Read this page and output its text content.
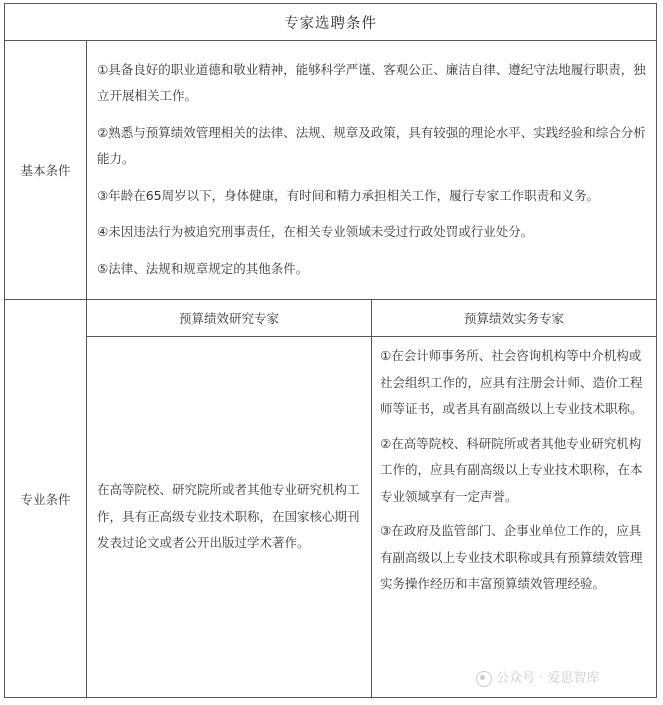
专家选聘条件		
基本条件	①具备良好的职业道德和敬业精神，能够科学严谨、客观公正、廉洁自律、遵纪守法地履行职责，独立开展相关工作。

②熟悉与预算绩效管理相关的法律、法规、规章及政策，具有较强的理论水平、实践经验和综合分析能力。

③年龄在65周岁以下，身体健康，有时间和精力承担相关工作，履行专家工作职责和义务。

④未因违法行为被追究刑事责任，在相关专业领域未受过行政处罚或行业处分。

⑤法律、法规和规章规定的其他条件。	

专业条件	预算绩效研究专家	预算绩效实务专家
	在高等院校、研究院所或者其他专业研究机构工作，具有正高级专业技术职称，在国家核心期刊发表过论文或者公开出版过学术著作。	①在会计师事务所、社会咨询机构等中介机构或社会组织工作的，应具有注册会计师、造价工程师等证书，或者具有副高级以上专业技术职称。

②在高等院校、科研院所或者其他专业研究机构工作的，应具有副高级以上专业技术职称，在本专业领域享有一定声誉。

③在政府及监管部门、企事业单位工作的，应具有副高级以上专业技术职称或具有预算绩效管理实务操作经历和丰富预算绩效管理经验。

公众号 · 爱思智库
